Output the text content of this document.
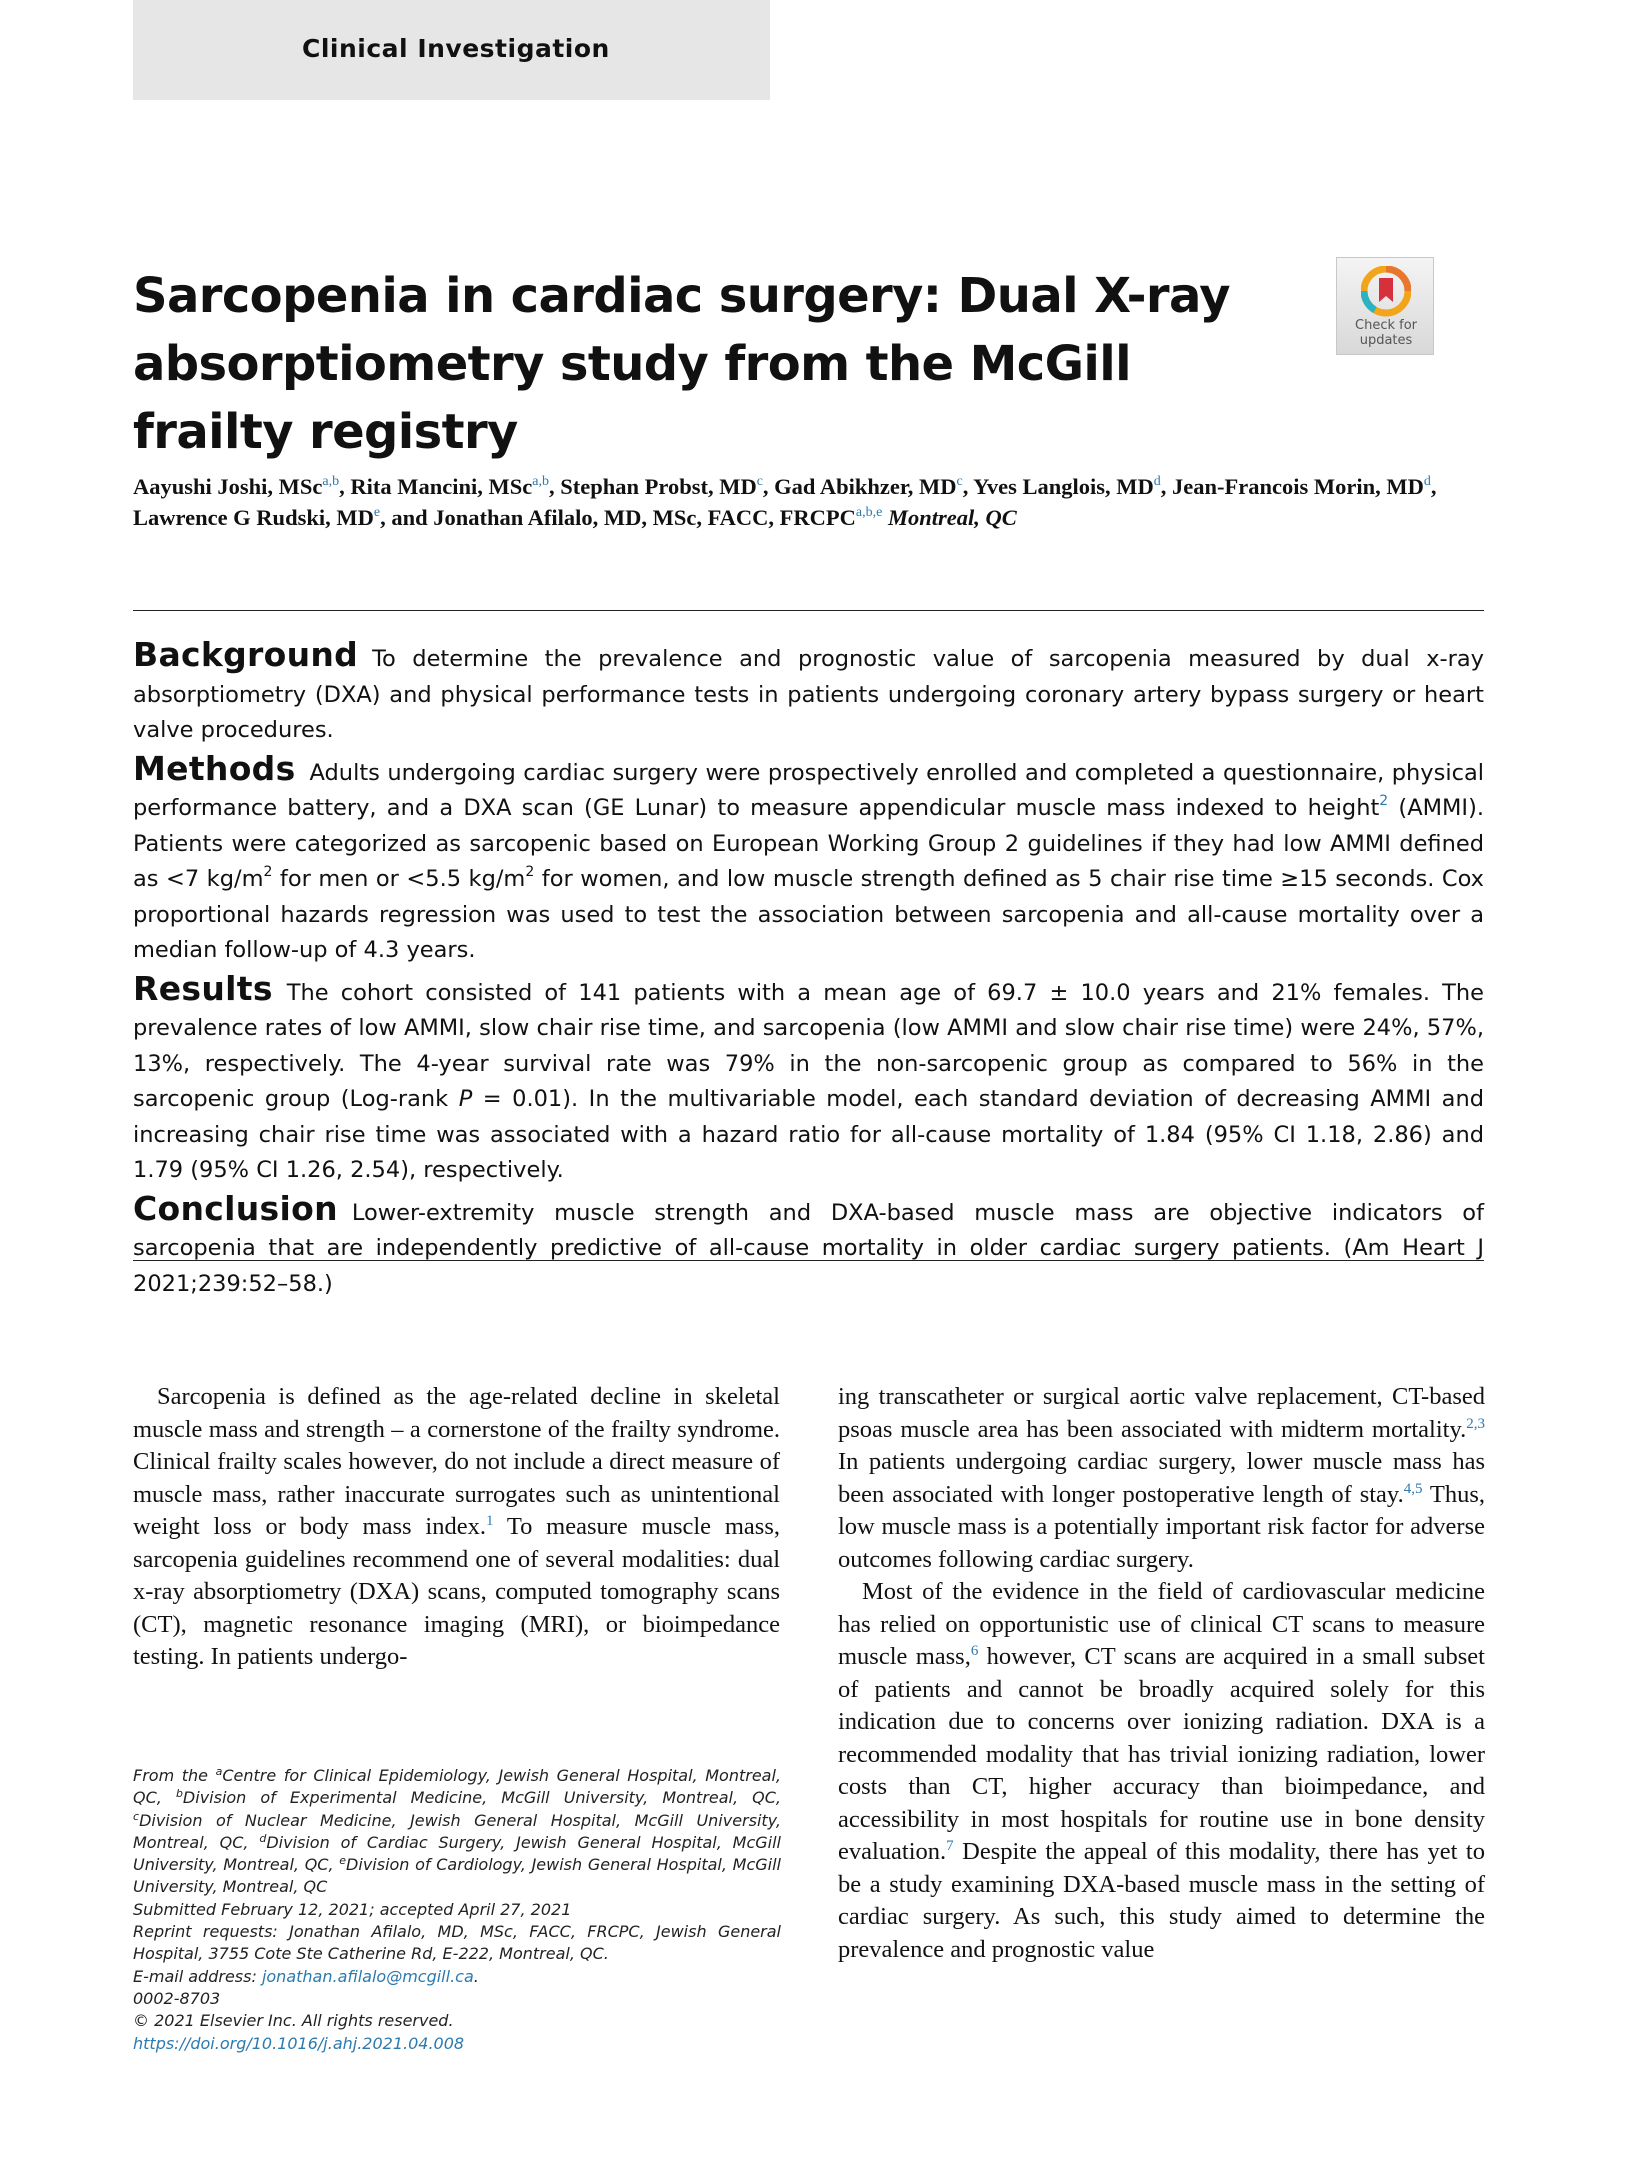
Clinical Investigation
Sarcopenia in cardiac surgery: Dual X-ray absorptiometry study from the McGill frailty registry
Check for
updates
Aayushi Joshi, MSc$^{a,b}$, Rita Mancini, MSc$^{a,b}$, Stephan Probst, MD$^c$, Gad Abikhzer, MD$^c$, Yves Langlois, MD$^d$, Jean-Francois Morin, MD$^d$, Lawrence G Rudski, MDe, and Jonathan Afilalo, MD, MSc, FACC, FRCPC$^{a,b,e}$ Montreal, QC

Background To determine the prevalence and prognostic value of sarcopenia measured by dual x-ray absorptiometry (DXA) and physical performance tests in patients undergoing coronary artery bypass surgery or heart valve procedures.

Methods Adults undergoing cardiac surgery were prospectively enrolled and completed a questionnaire, physical performance battery, and a DXA scan (GE Lunar) to measure appendicular muscle mass indexed to height$^2$ (AMMI). Patients were categorized as sarcopenic based on European Working Group 2 guidelines if they had low AMMI defined as <7 $kg/m^2$ for men or <5.5 $kg/m^2$ for women, and low muscle strength defined as 5 chair rise time ≥15 seconds. Cox proportional hazards regression was used to test the association between sarcopenia and all-cause mortality over a median follow-up of 4.3 years.

Results The cohort consisted of 141 patients with a mean age of 69.7 ± 10.0 years and 21% females. The prevalence rates of low AMMI, slow chair rise time, and sarcopenia (low AMMI and slow chair rise time) were 24%, 57%, 13%, respectively. The 4-year survival rate was 79% in the non-sarcopenic group as compared to 56% in the sarcopenic group (Log-rank P = 0.01). In the multivariable model, each standard deviation of decreasing AMMI and increasing chair rise time was associated with a hazard ratio for all-cause mortality of 1.84 (95% CI 1.18, 2.86) and 1.79 (95% CI 1.26, 2.54), respectively.

Conclusion Lower-extremity muscle strength and DXA-based muscle mass are objective indicators of sarcopenia that are independently predictive of all-cause mortality in older cardiac surgery patients. (Am Heart J 2021;239:52–58.)

Sarcopenia is defined as the age-related decline in skeletal muscle mass and strength – a cornerstone of the frailty syndrome. Clinical frailty scales however, do not include a direct measure of muscle mass, rather inaccurate surrogates such as unintentional weight loss or body mass index.$^1$ To measure muscle mass, sarcopenia guidelines recommend one of several modalities: dual x-ray absorptiometry (DXA) scans, computed tomography scans (CT), magnetic resonance imaging (MRI), or bioimpedance testing. In patients undergo-

ing transcatheter or surgical aortic valve replacement, CT-based psoas muscle area has been associated with midterm mortality.$^{2,3}$ In patients undergoing cardiac surgery, lower muscle mass has been associated with longer postoperative length of stay.$^{4,5}$ Thus, low muscle mass is a potentially important risk factor for adverse outcomes following cardiac surgery.

Most of the evidence in the field of cardiovascular medicine has relied on opportunistic use of clinical CT scans to measure muscle mass,$^6$ however, CT scans are acquired in a small subset of patients and cannot be broadly acquired solely for this indication due to concerns over ionizing radiation. DXA is a recommended modality that has trivial ionizing radiation, lower costs than CT, higher accuracy than bioimpedance, and accessibility in most hospitals for routine use in bone density evaluation.$^7$ Despite the appeal of this modality, there has yet to be a study examining DXA-based muscle mass in the setting of cardiac surgery. As such, this study aimed to determine the prevalence and prognostic value

From the $^a$Centre for Clinical Epidemiology, Jewish General Hospital, Montreal, QC, $^b$Division of Experimental Medicine, McGill University, Montreal, QC, $^c$Division of Nuclear Medicine, Jewish General Hospital, McGill University, Montreal, QC, $^d$Division of Cardiac Surgery, Jewish General Hospital, McGill University, Montreal, QC, $^e$Division of Cardiology, Jewish General Hospital, McGill University, Montreal, QC

Submitted February 12, 2021; accepted April 27, 2021

Reprint requests: Jonathan Afilalo, MD, MSc, FACC, FRCPC, Jewish General Hospital, 3755 Cote Ste Catherine Rd, E-222, Montreal, QC.

E-mail address: jonathan.afilalo@mcgill.ca.

0002-8703

© 2021 Elsevier Inc. All rights reserved.

https://doi.org/10.1016/j.ahj.2021.04.008
